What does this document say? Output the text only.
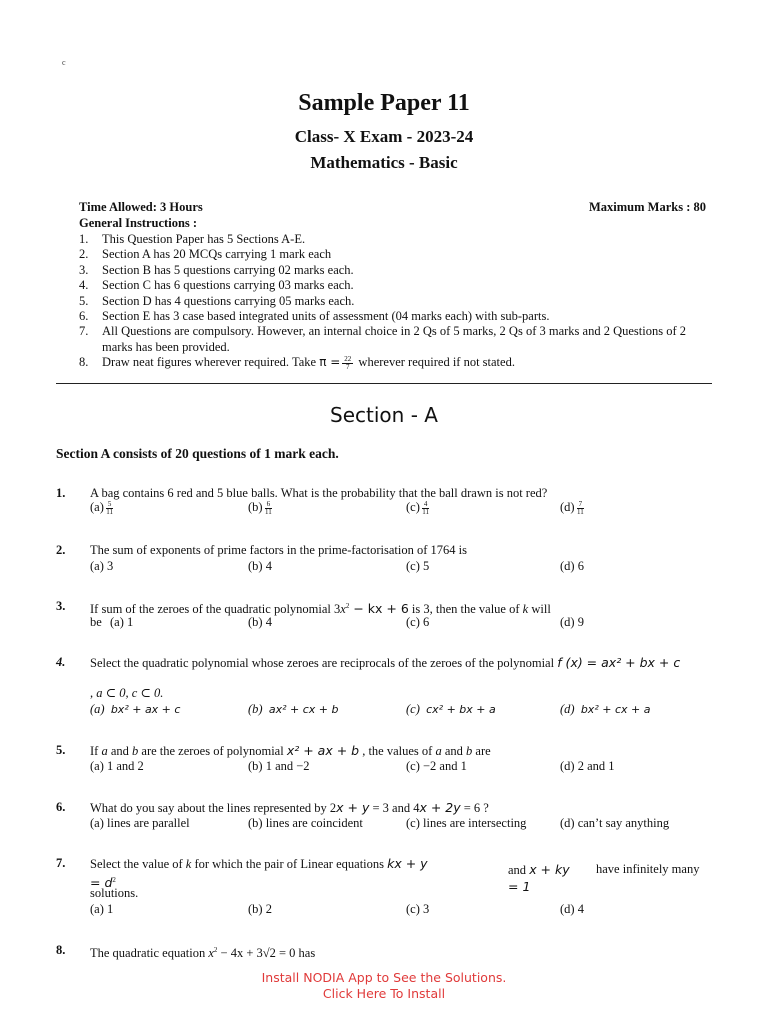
c
Sample Paper 11
Class- X Exam - 2023-24
Mathematics - Basic
Time Allowed: 3 Hours	Maximum Marks : 80
General Instructions :
1.	This Question Paper has 5 Sections A-E.
2.	Section A has 20 MCQs carrying 1 mark each
3.	Section B has 5 questions carrying 02 marks each.
4.	Section C has 6 questions carrying 03 marks each.
5.	Section D has 4 questions carrying 05 marks each.
6.	Section E has 3 case based integrated units of assessment (04 marks each) with sub-parts.
7.	All Questions are compulsory. However, an internal choice in 2 Qs of 5 marks, 2 Qs of 3 marks and 2 Questions of 2 marks has been provided.
8.	Draw neat figures wherever required. Take $\pi = \frac{22}{7}$ wherever required if not stated.
Section - A
Section A consists of 20 questions of 1 mark each.
1. A bag contains 6 red and 5 blue balls. What is the probability that the ball drawn is not red?
$(a) \frac{5}{11}$	$(b) \frac{6}{11}$	$(c) \frac{4}{11}$	$(d) \frac{7}{11}$
2. The sum of exponents of prime factors in the prime-factorisation of 1764 is
(a) 3	(b) 4	(c) 5	(d) 6
3. If sum of the zeroes of the quadratic polynomial $3x^2$ − kx + 6 is 3, then the value of k will
be (a) 1	(b) 4	(c) 6	(d) 9
4. Select the quadratic polynomial whose zeroes are reciprocals of the zeroes of the polynomial f (x) = ax² + bx + c
, a ⊂ 0, c ⊂ 0.
(a) bx² + ax + c	(b) ax² + cx + b	(c) cx² + bx + a	(d) bx² + cx + a
5. If a and b are the zeroes of polynomial x² + ax + b , the values of a and b are
(a) 1 and 2	(b) 1 and −2	(c) −2 and 1	(d) 2 and 1
6. What do you say about the lines represented by 2x + y = 3 and 4x + 2y = 6 ?
(a) lines are parallel	(b) lines are coincident	(c) lines are intersecting	(d) can’t say anything
7. Select the value of k for which the pair of Linear equations kx + $y = d^2$
and x + ky = 1
have infinitely many
solutions.
(a) 1	(b) 2	(c) 3	(d) 4
8. The quadratic equation $x^2 - 4x + 3√2 = 0$ has
Install NODIA App to See the Solutions.
Click Here To Install
